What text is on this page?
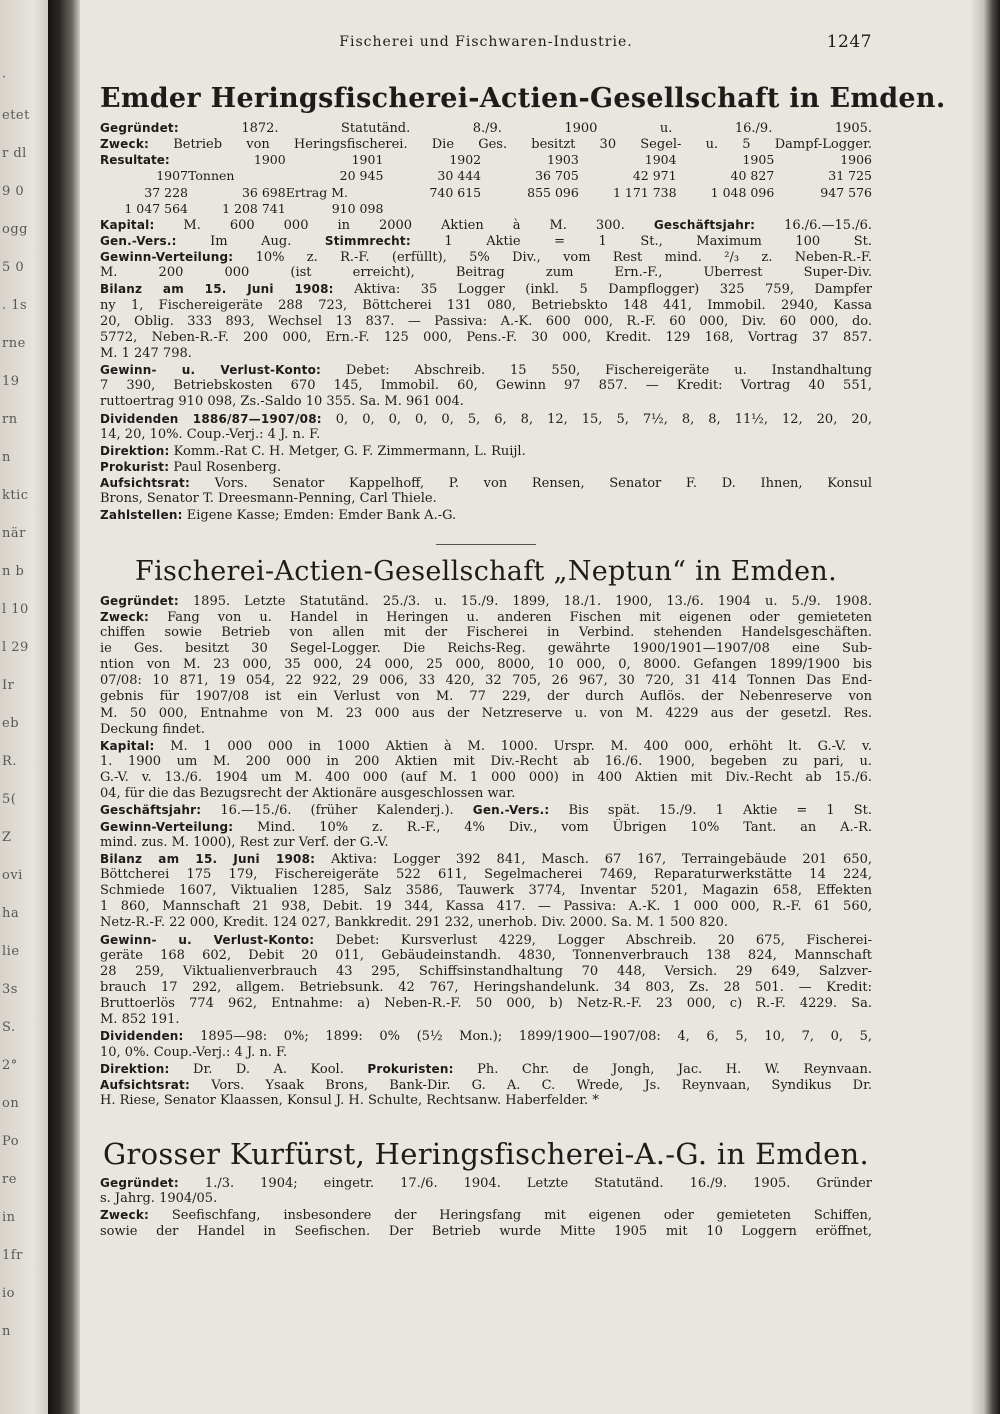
·
etet
r dl
9 0
ogg
5 0
. 1s
rne
19
rn
n
ktic
när
n b
l 10
l 29
Ir
eb
R.
5(
Z
ovi
ha
lie
3s
S.
2°
on
Po
re
in
1fr
io
n
Fischerei und Fischwaren-Industrie.	1247
Emder Heringsfischerei-Actien-Gesellschaft in Emden.

Gegründet: 1872. Statutänd. 8./9. 1900 u. 16./9. 1905.

Zweck: Betrieb von Heringsfischerei. Die Ges. besitzt 30 Segel- u. 5 Dampf-Logger.

Resultate:	1900	1901	1902	1903	1904	1905	1906
1907 Tonnen	20 945	30 444	36 705	42 971	40 827	31 725
37 228	36 698 Ertrag M.	740 615	855 096	1 171 738	1 048 096	947 576
1 047 564	1 208 741	910 098

Kapital: M. 600 000 in 2000 Aktien à M. 300. Geschäftsjahr: 16./6.—15./6.

Gen.-Vers.: Im Aug. Stimmrecht: 1 Aktie = 1 St., Maximum 100 St.

Gewinn-Verteilung: 10% z. R.-F. (erfüllt), 5% Div., vom Rest mind. ²/₃ z. Neben-R.-F.

M. 200 000 (ist erreicht), Beitrag zum Ern.-F., Überrest Super-Div.

Bilanz am 15. Juni 1908: Aktiva: 35 Logger (inkl. 5 Dampflogger) 325 759, Dampfer

ny 1, Fischereigeräte 288 723, Böttcherei 131 080, Betriebskto 148 441, Immobil. 2940, Kassa

20, Oblig. 333 893, Wechsel 13 837. — Passiva: A.-K. 600 000, R.-F. 60 000, Div. 60 000, do.

5772, Neben-R.-F. 200 000, Ern.-F. 125 000, Pens.-F. 30 000, Kredit. 129 168, Vortrag 37 857.

M. 1 247 798.

Gewinn- u. Verlust-Konto: Debet: Abschreib. 15 550, Fischereigeräte u. Instandhaltung

7 390, Betriebskosten 670 145, Immobil. 60, Gewinn 97 857. — Kredit: Vortrag 40 551,

ruttoertrag 910 098, Zs.-Saldo 10 355. Sa. M. 961 004.

Dividenden 1886/87—1907/08: 0, 0, 0, 0, 0, 5, 6, 8, 12, 15, 5, 7½, 8, 8, 11½, 12, 20, 20,

14, 20, 10%. Coup.-Verj.: 4 J. n. F.

Direktion: Komm.-Rat C. H. Metger, G. F. Zimmermann, L. Ruijl.

Prokurist: Paul Rosenberg.

Aufsichtsrat: Vors. Senator Kappelhoff, P. von Rensen, Senator F. D. Ihnen, Konsul

Brons, Senator T. Dreesmann-Penning, Carl Thiele.

Zahlstellen: Eigene Kasse; Emden: Emder Bank A.-G.

Fischerei-Actien-Gesellschaft „Neptun“ in Emden.

Gegründet: 1895. Letzte Statutänd. 25./3. u. 15./9. 1899, 18./1. 1900, 13./6. 1904 u. 5./9. 1908.

Zweck: Fang von u. Handel in Heringen u. anderen Fischen mit eigenen oder gemieteten

chiffen sowie Betrieb von allen mit der Fischerei in Verbind. stehenden Handelsgeschäften.

ie Ges. besitzt 30 Segel-Logger. Die Reichs-Reg. gewährte 1900/1901—1907/08 eine Sub-

ntion von M. 23 000, 35 000, 24 000, 25 000, 8000, 10 000, 0, 8000. Gefangen 1899/1900 bis

07/08: 10 871, 19 054, 22 922, 29 006, 33 420, 32 705, 26 967, 30 720, 31 414 Tonnen Das End-

gebnis für 1907/08 ist ein Verlust von M. 77 229, der durch Auflös. der Nebenreserve von

M. 50 000, Entnahme von M. 23 000 aus der Netzreserve u. von M. 4229 aus der gesetzl. Res.

Deckung findet.

Kapital: M. 1 000 000 in 1000 Aktien à M. 1000. Urspr. M. 400 000, erhöht lt. G.-V. v.

1. 1900 um M. 200 000 in 200 Aktien mit Div.-Recht ab 16./6. 1900, begeben zu pari, u.

G.-V. v. 13./6. 1904 um M. 400 000 (auf M. 1 000 000) in 400 Aktien mit Div.-Recht ab 15./6.

04, für die das Bezugsrecht der Aktionäre ausgeschlossen war.

Geschäftsjahr: 16.—15./6. (früher Kalenderj.). Gen.-Vers.: Bis spät. 15./9. 1 Aktie = 1 St.

Gewinn-Verteilung: Mind. 10% z. R.-F., 4% Div., vom Übrigen 10% Tant. an A.-R.

mind. zus. M. 1000), Rest zur Verf. der G.-V.

Bilanz am 15. Juni 1908: Aktiva: Logger 392 841, Masch. 67 167, Terraingebäude 201 650,

Böttcherei 175 179, Fischereigeräte 522 611, Segelmacherei 7469, Reparaturwerkstätte 14 224,

Schmiede 1607, Viktualien 1285, Salz 3586, Tauwerk 3774, Inventar 5201, Magazin 658, Effekten

1 860, Mannschaft 21 938, Debit. 19 344, Kassa 417. — Passiva: A.-K. 1 000 000, R.-F. 61 560,

Netz-R.-F. 22 000, Kredit. 124 027, Bankkredit. 291 232, unerhob. Div. 2000. Sa. M. 1 500 820.

Gewinn- u. Verlust-Konto: Debet: Kursverlust 4229, Logger Abschreib. 20 675, Fischerei-

geräte 168 602, Debit 20 011, Gebäudeinstandh. 4830, Tonnenverbrauch 138 824, Mannschaft

28 259, Viktualienverbrauch 43 295, Schiffsinstandhaltung 70 448, Versich. 29 649, Salzver-

brauch 17 292, allgem. Betriebsunk. 42 767, Heringshandelunk. 34 803, Zs. 28 501. — Kredit:

Bruttoerlös 774 962, Entnahme: a) Neben-R.-F. 50 000, b) Netz-R.-F. 23 000, c) R.-F. 4229. Sa.

M. 852 191.

Dividenden: 1895—98: 0%; 1899: 0% (5½ Mon.); 1899/1900—1907/08: 4, 6, 5, 10, 7, 0, 5,

10, 0%. Coup.-Verj.: 4 J. n. F.

Direktion: Dr. D. A. Kool. Prokuristen: Ph. Chr. de Jongh, Jac. H. W. Reynvaan.

Aufsichtsrat: Vors. Ysaak Brons, Bank-Dir. G. A. C. Wrede, Js. Reynvaan, Syndikus Dr.

H. Riese, Senator Klaassen, Konsul J. H. Schulte, Rechtsanw. Haberfelder. *

Grosser Kurfürst, Heringsfischerei-A.-G. in Emden.

Gegründet: 1./3. 1904; eingetr. 17./6. 1904. Letzte Statutänd. 16./9. 1905. Gründer

s. Jahrg. 1904/05.

Zweck: Seefischfang, insbesondere der Heringsfang mit eigenen oder gemieteten Schiffen,

sowie der Handel in Seefischen. Der Betrieb wurde Mitte 1905 mit 10 Loggern eröffnet,
